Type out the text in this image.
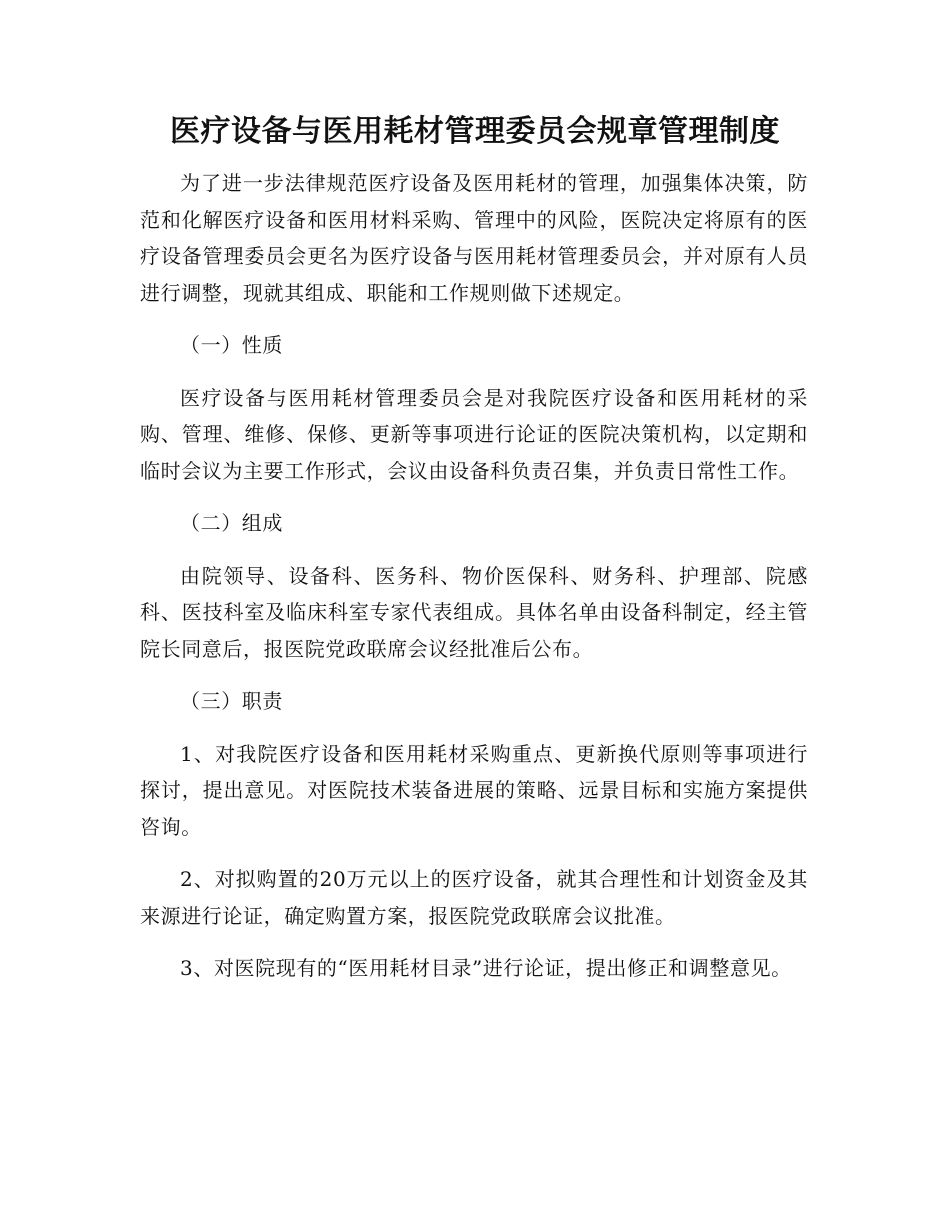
医疗设备与医用耗材管理委员会规章管理制度

为了进一步法律规范医疗设备及医用耗材的管理，加强集体决策，防范和化解医疗设备和医用材料采购、管理中的风险，医院决定将原有的医疗设备管理委员会更名为医疗设备与医用耗材管理委员会，并对原有人员进行调整，现就其组成、职能和工作规则做下述规定。

（一）性质

医疗设备与医用耗材管理委员会是对我院医疗设备和医用耗材的采购、管理、维修、保修、更新等事项进行论证的医院决策机构，以定期和临时会议为主要工作形式，会议由设备科负责召集，并负责日常性工作。

（二）组成

由院领导、设备科、医务科、物价医保科、财务科、护理部、院感科、医技科室及临床科室专家代表组成。具体名单由设备科制定，经主管院长同意后，报医院党政联席会议经批准后公布。

（三）职责

1、对我院医疗设备和医用耗材采购重点、更新换代原则等事项进行探讨，提出意见。对医院技术装备进展的策略、远景目标和实施方案提供咨询。

2、对拟购置的20万元以上的医疗设备，就其合理性和计划资金及其来源进行论证，确定购置方案，报医院党政联席会议批准。

3、对医院现有的“医用耗材目录”进行论证，提出修正和调整意见。
